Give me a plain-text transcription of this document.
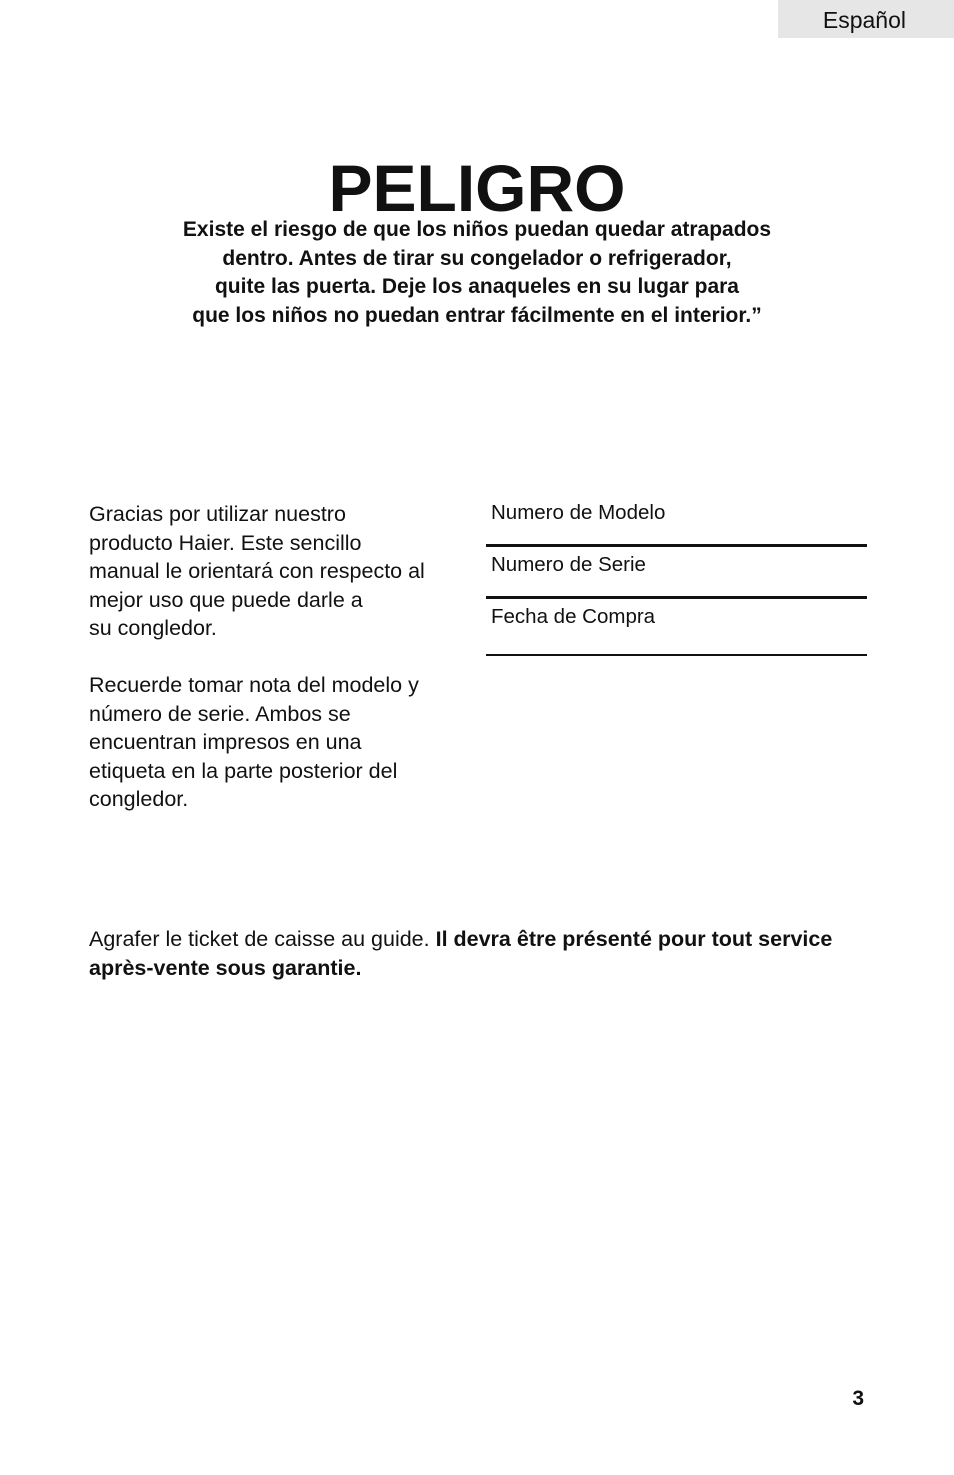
Español
PELIGRO

Existe el riesgo de que los niños puedan quedar atrapados
dentro. Antes de tirar su congelador o refrigerador,
quite las puerta. Deje los anaqueles en su lugar para
que los niños no puedan entrar fácilmente en el interior.”

Gracias por utilizar nuestro
producto Haier. Este sencillo
manual le orientará con respecto al
mejor uso que puede darle a
su congledor.
Recuerde tomar nota del modelo y
número de serie. Ambos se
encuentran impresos en una
etiqueta en la parte posterior del
congledor.
Numero de Modelo
Numero de Serie
Fecha de Compra

Agrafer le ticket de caisse au guide. Il devra être présenté pour tout service après-vente sous garantie.

3
